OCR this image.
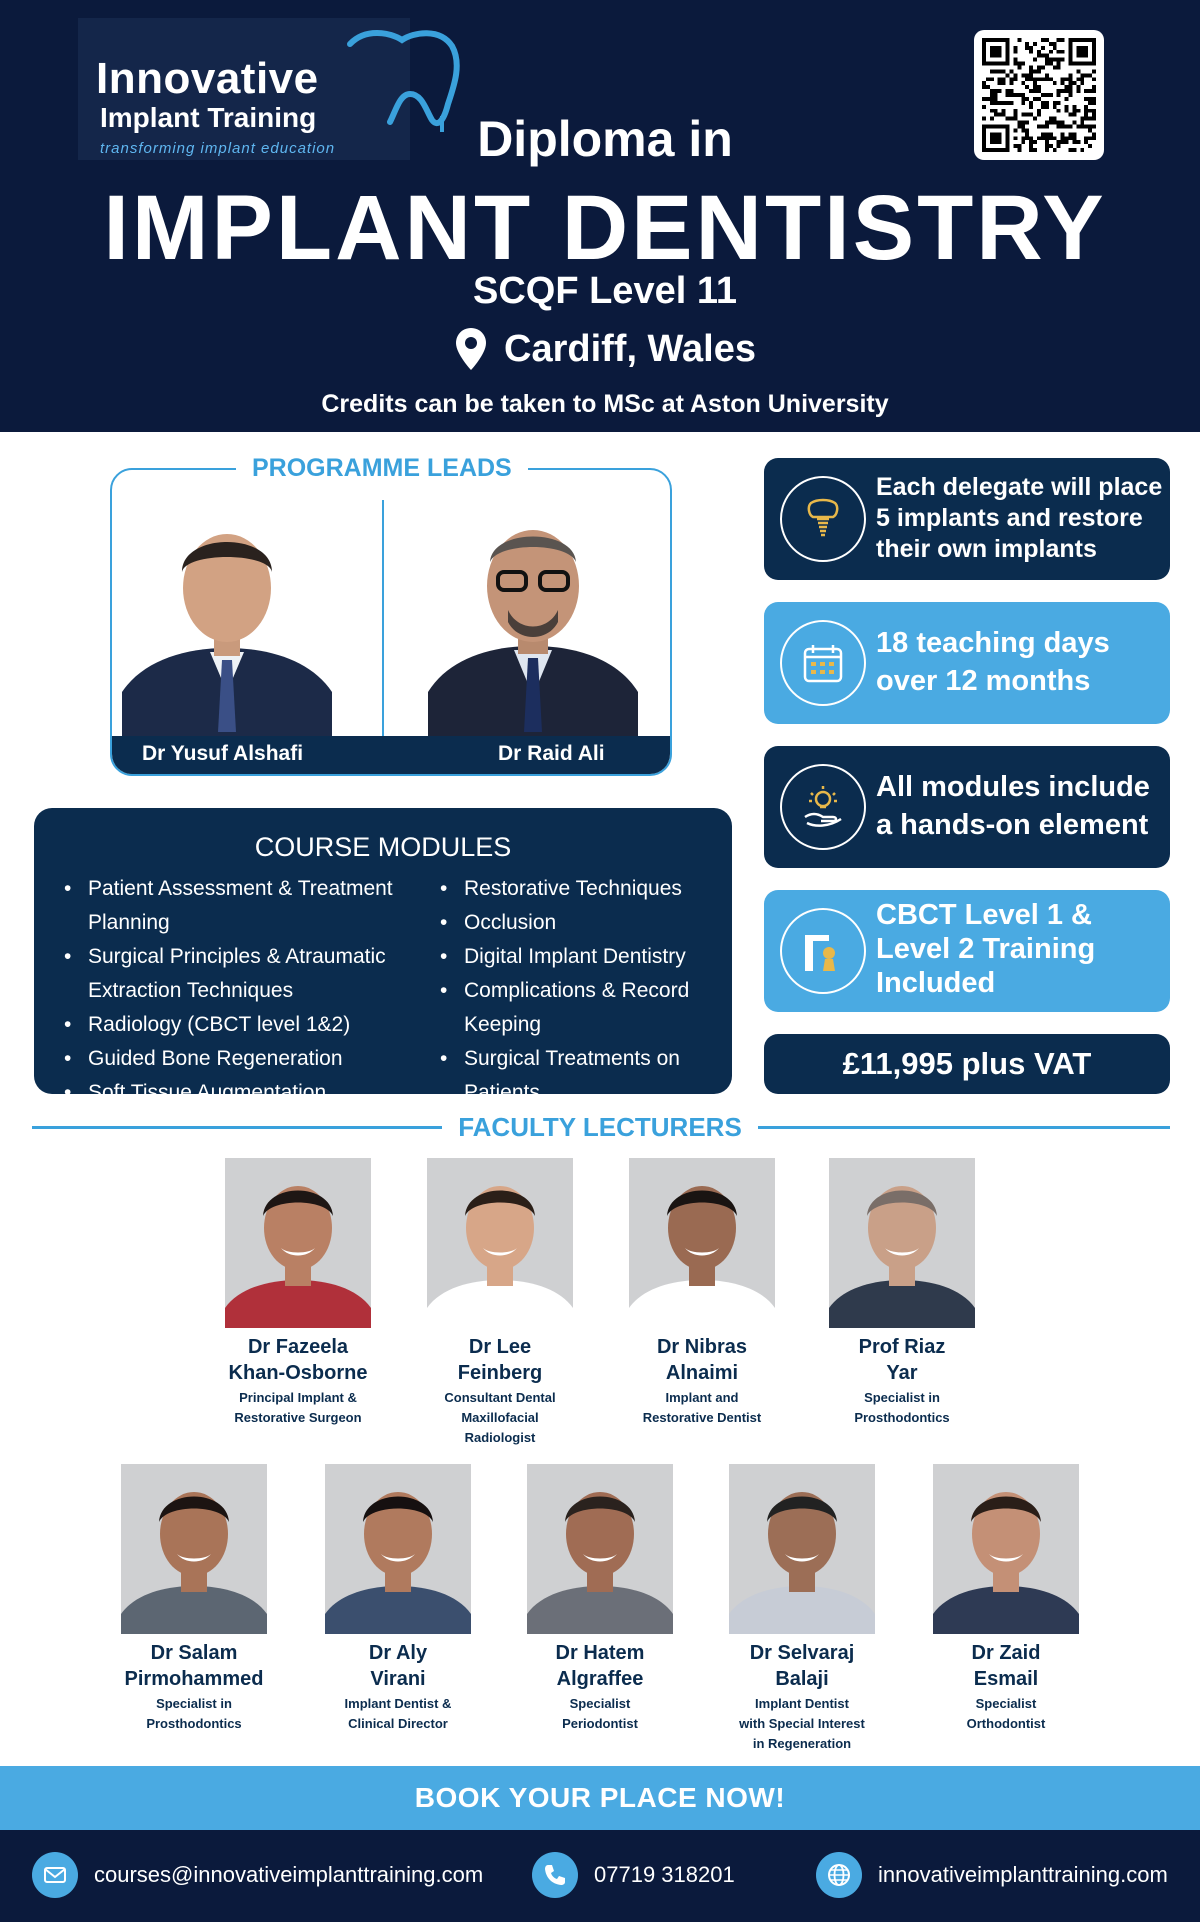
Innovative
Implant Training
transforming implant education	Diploma in
IMPLANT DENTISTRY
SCQF Level 11
Cardiff, Wales
Credits can be taken to MSc at Aston University
PROGRAMME LEADS
Dr Yusuf Alshafi	Dr Raid Ali
COURSE MODULES
• Patient Assessment & Treatment Planning
• Surgical Principles & Atraumatic
Extraction Techniques
• Radiology (CBCT level 1&2)
• Guided Bone Regeneration
• Soft Tissue Augmentation
• Restorative Techniques
• Occlusion
• Digital Implant Dentistry
• Complications & Record Keeping
• Surgical Treatments on Patients
Each delegate will place
5 implants and restore
their own implants
18 teaching days
over 12 months
All modules include
a hands-on element
CBCT Level 1 &
Level 2 Training
Included
£11,995 plus VAT
FACULTY LECTURERS
Dr Fazeela
Khan-Osborne
Principal Implant &
Restorative Surgeon
Dr Lee
Feinberg
Consultant Dental
Maxillofacial
Radiologist
Dr Nibras
Alnaimi
Implant and
Restorative Dentist
Prof Riaz
Yar
Specialist in
Prosthodontics
Dr Salam
Pirmohammed
Specialist in
Prosthodontics
Dr Aly
Virani
Implant Dentist &
Clinical Director
Dr Hatem
Algraffee
Specialist
Periodontist
Dr Selvaraj
Balaji
Implant Dentist
with Special Interest
in Regeneration
Dr Zaid
Esmail
Specialist
Orthodontist
BOOK YOUR PLACE NOW!
courses@innovativeimplanttraining.com	07719 318201	innovativeimplanttraining.com
